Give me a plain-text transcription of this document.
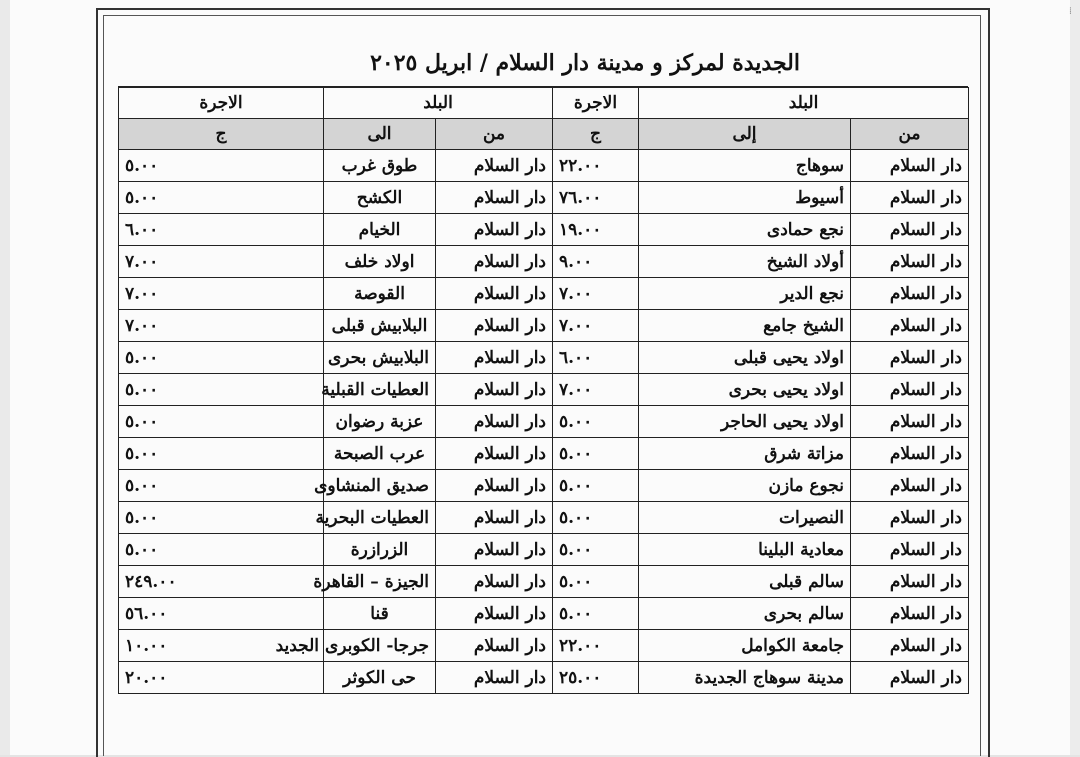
⁞
الجديدة لمركز و مدينة دار السلام / ابريل ٢٠٢٥
البلد		الاجرة	البلد		الاجرة
من	إلى	ج	من	الى	ج
دار السلام	سوهاج	٢٢.٠٠	دار السلام	طوق غرب	٥.٠٠
دار السلام	أسيوط	٧٦.٠٠	دار السلام	الكشح	٥.٠٠
دار السلام	نجع حمادى	١٩.٠٠	دار السلام	الخيام	٦.٠٠
دار السلام	أولاد الشيخ	٩.٠٠	دار السلام	اولاد خلف	٧.٠٠
دار السلام	نجع الدير	٧.٠٠	دار السلام	القوصة	٧.٠٠
دار السلام	الشيخ جامع	٧.٠٠	دار السلام	البلابيش قبلى	٧.٠٠
دار السلام	اولاد يحيى قبلى	٦.٠٠	دار السلام	البلابيش بحرى	٥.٠٠
دار السلام	اولاد يحيى بحرى	٧.٠٠	دار السلام	العطيات القبلية	٥.٠٠
دار السلام	اولاد يحيى الحاجر	٥.٠٠	دار السلام	عزبة رضوان	٥.٠٠
دار السلام	مزاتة شرق	٥.٠٠	دار السلام	عرب الصبحة	٥.٠٠
دار السلام	نجوع مازن	٥.٠٠	دار السلام	صديق المنشاوى	٥.٠٠
دار السلام	النصيرات	٥.٠٠	دار السلام	العطيات البحرية	٥.٠٠
دار السلام	معادية البلينا	٥.٠٠	دار السلام	الزرازرة	٥.٠٠
دار السلام	سالم قبلى	٥.٠٠	دار السلام	الجيزة – القاهرة	٢٤٩.٠٠
دار السلام	سالم بحرى	٥.٠٠	دار السلام	قنا	٥٦.٠٠
دار السلام	جامعة الكوامل	٢٢.٠٠	دار السلام	جرجا- الكوبرى الجديد	١٠.٠٠
دار السلام	مدينة سوهاج الجديدة	٢٥.٠٠	دار السلام	حى الكوثر	٢٠.٠٠
